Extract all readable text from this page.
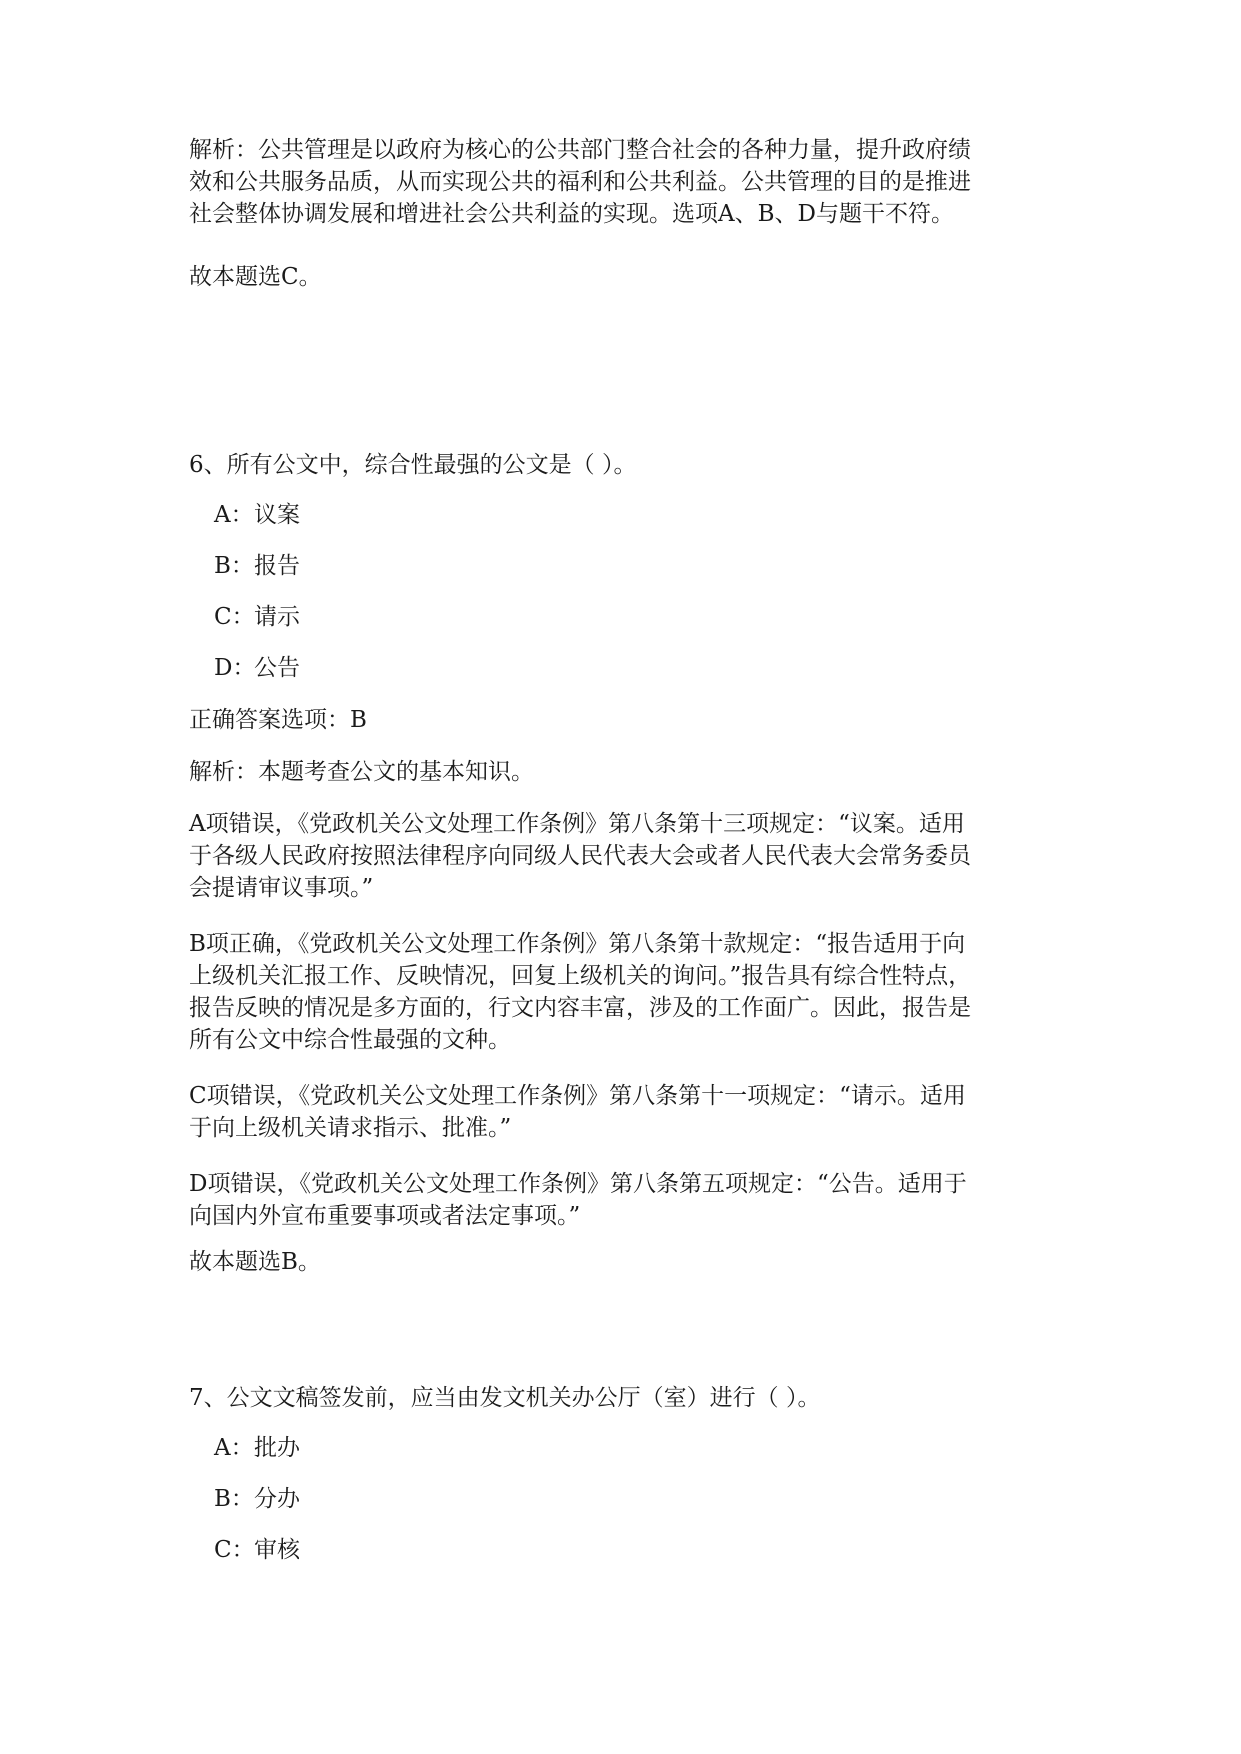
解析：公共管理是以政府为核心的公共部门整合社会的各种力量，提升政府绩
效和公共服务品质，从而实现公共的福利和公共利益。公共管理的目的是推进
社会整体协调发展和增进社会公共利益的实现。选项A、B、D与题干不符。

故本题选C。

6、所有公文中，综合性最强的公文是（ ）。

A：议案

B：报告

C：请示

D：公告

正确答案选项：B

解析：本题考查公文的基本知识。

A项错误，《党政机关公文处理工作条例》第八条第十三项规定：“议案。适用
于各级人民政府按照法律程序向同级人民代表大会或者人民代表大会常务委员
会提请审议事项。”

B项正确，《党政机关公文处理工作条例》第八条第十款规定：“报告适用于向
上级机关汇报工作、反映情况，回复上级机关的询问。”报告具有综合性特点，
报告反映的情况是多方面的，行文内容丰富，涉及的工作面广。因此，报告是
所有公文中综合性最强的文种。

C项错误，《党政机关公文处理工作条例》第八条第十一项规定：“请示。适用
于向上级机关请求指示、批准。”

D项错误，《党政机关公文处理工作条例》第八条第五项规定：“公告。适用于
向国内外宣布重要事项或者法定事项。”

故本题选B。

7、公文文稿签发前，应当由发文机关办公厅（室）进行（ ）。

A：批办

B：分办

C：审核
